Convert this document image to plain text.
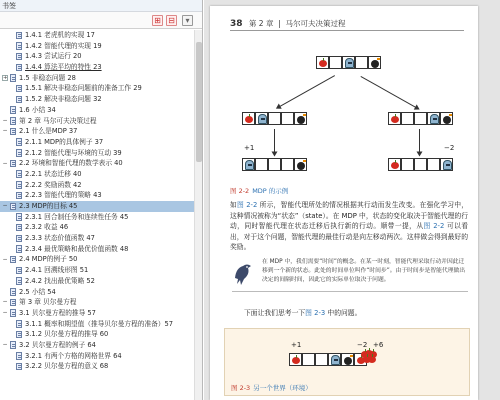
书签
⊞ ⊟	▾
1.4.1 老虎机的实现 17
1.4.2 智能代理的实现 19
1.4.3 尝试运行 20
1.4.4 算法平均的特性 23
+ 1.5 非稳态问题 28
1.5.1 解决非稳态问题前的准备工作 29
1.5.2 解决非稳态问题 32
1.6 小结 34
− 第 2 章 马尔可夫决策过程
− 2.1 什么是MDP 37
2.1.1 MDP的具体例子 37
2.1.2 智能代理与环境的互动 39
− 2.2 环境和智能代理的数学表示 40
2.2.1 状态迁移 40
2.2.2 奖励函数 42
2.2.3 智能代理的策略 43
− 2.3 MDP的目标 45
2.3.1 回合制任务和连续性任务 45
2.3.2 收益 46
2.3.3 状态价值函数 47
2.3.4 最优策略和最优价值函数 48
− 2.4 MDP的例子 50
2.4.1 回溯线形图 51
2.4.2 找出最优策略 52
2.5 小结 54
− 第 3 章 贝尔曼方程
− 3.1 贝尔曼方程的推导 57
3.1.1 概率和期望值（推导贝尔曼方程的准备）57
3.1.2 贝尔曼方程的推导 60
− 3.2 贝尔曼方程的例子 64
3.2.1 有两个方格的网格世界 64
3.2.2 贝尔曼方程的意义 68
38 第 2 章  |  马尔可夫决策过程
+1	−2
图 2-2 MDP 的示例
如图 2-2 所示，智能代理所处的情况根据其行动而发生改变。在强化学习中，这种情况被称为“状态”（state）。在 MDP 中，状态的变化取决于智能代理的行动，同时智能代理在状态迁移后执行新的行动。顺带一提，从图 2-2 可以看出，对于这个问题，智能代理的最佳行动是向左移动两次。这样做会得到最好的奖励。
在 MDP 中，我们需要“时间”的概念。在某一时刻，智能代理采取行动并因此迁移到一个新的状态。此处的时间单位叫作“时间步”。由于时间步是智能代理做出决定的间隔时间，因此它的实际单位取决于问题。
下面让我们思考一下图 2-3 中的问题。
+1	−2 +6
图 2-3 另一个世界（环境）
